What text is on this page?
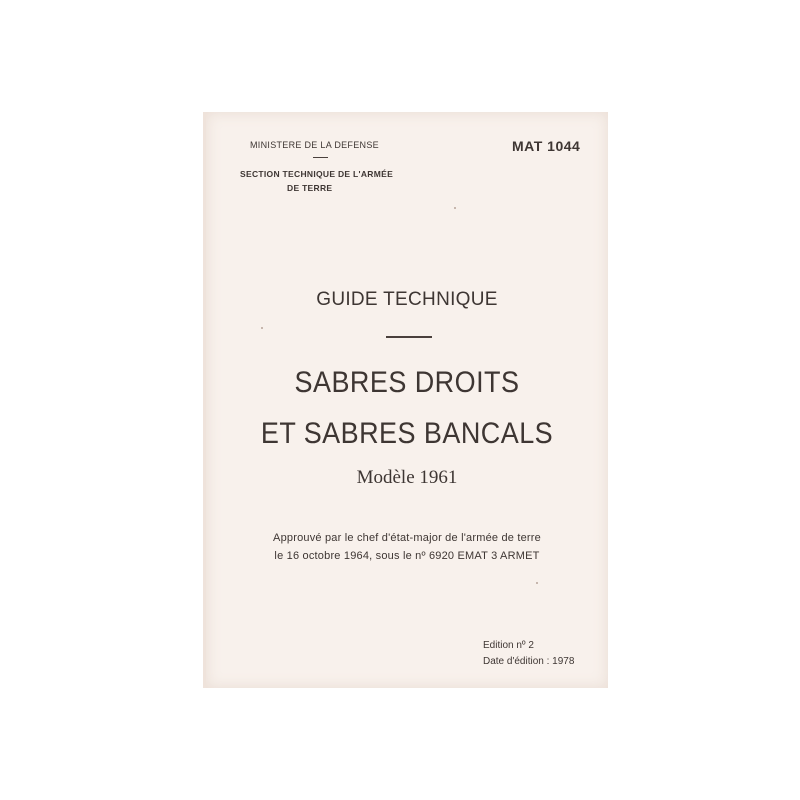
MINISTERE DE LA DEFENSE
SECTION TECHNIQUE DE L'ARMÉE
DE TERRE
MAT 1044
GUIDE TECHNIQUE
SABRES DROITS
ET SABRES BANCALS
Modèle 1961
Approuvé par le chef d'état-major de l'armée de terre
le 16 octobre 1964, sous le nº 6920 EMAT 3 ARMET
Edition nº 2
Date d'édition : 1978
